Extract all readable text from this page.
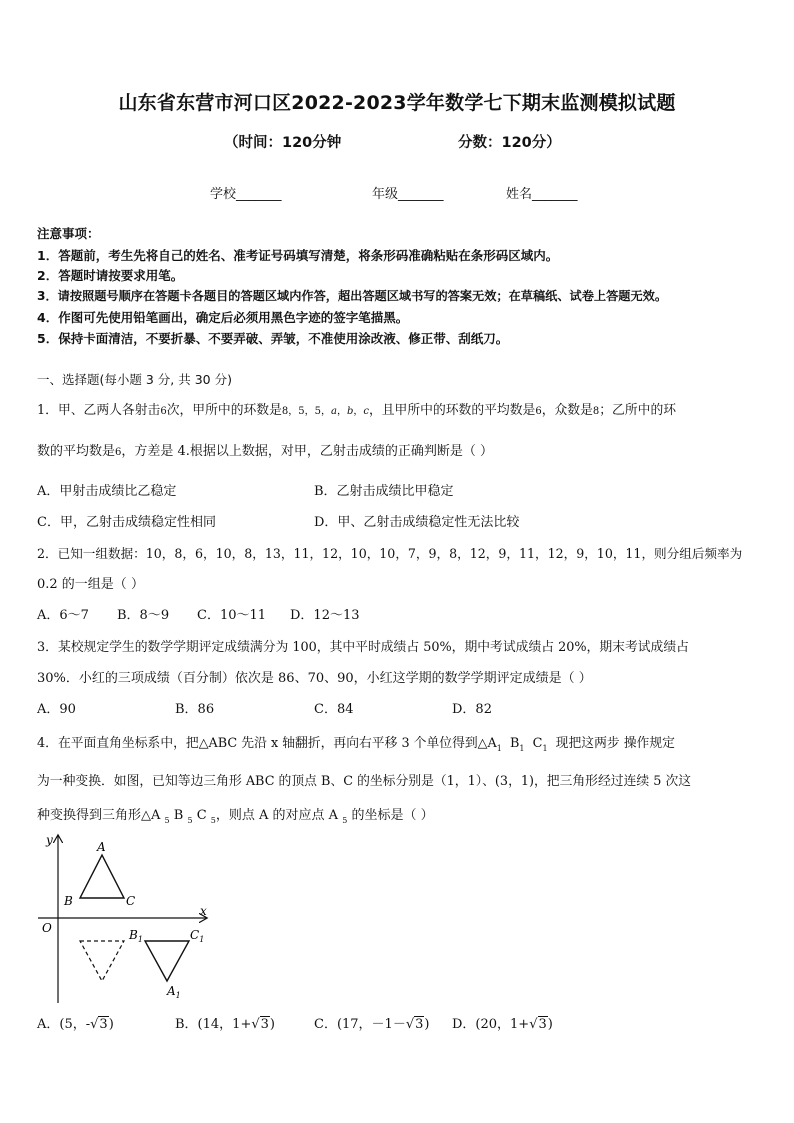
山东省东营市河口区2022-2023学年数学七下期末监测模拟试题
（时间：120分钟	分数：120分）
学校_______	年级_______	姓名_______
注意事项：
1．答题前，考生先将自己的姓名、准考证号码填写清楚，将条形码准确粘贴在条形码区域内。
2．答题时请按要求用笔。
3．请按照题号顺序在答题卡各题目的答题区域内作答，超出答题区域书写的答案无效；在草稿纸、试卷上答题无效。
4．作图可先使用铅笔画出，确定后必须用黑色字迹的签字笔描黑。
5．保持卡面清洁，不要折暴、不要弄破、弄皱，不准使用涂改液、修正带、刮纸刀。
一、选择题(每小题 3 分, 共 30 分)
1．甲、乙两人各射击6次，甲所中的环数是8，5，5，a，b，c，且甲所中的环数的平均数是6，众数是8；乙所中的环
数的平均数是6，方差是 4.根据以上数据，对甲，乙射击成绩的正确判断是（ ）
A．甲射击成绩比乙稳定	B．乙射击成绩比甲稳定
C．甲，乙射击成绩稳定性相同	D．甲、乙射击成绩稳定性无法比较
2．已知一组数据：10，8，6，10，8，13，11，12，10，10，7，9，8，12，9，11，12，9，10，11，则分组后频率为
0.2 的一组是（ ）
A．6～7 B．8～9 C．10～11 D．12～13
3．某校规定学生的数学学期评定成绩满分为 100，其中平时成绩占 50%，期中考试成绩占 20%，期末考试成绩占
30%．小红的三项成绩（百分制）依次是 86、70、90，小红这学期的数学学期评定成绩是（ ）
A．90	B．86	C．84	D．82
4．在平面直角坐标系中，把△ABC 先沿 x 轴翻折，再向右平移 3 个单位得到$\triangle A_1$ $B_1$ $C_1$ 现把这两步 操作规定
为一种变换．如图，已知等边三角形 ABC 的顶点 B、C 的坐标分别是（1，1）、(3，1)，把三角形经过连续 5 次这
种变换得到三角形△A $_5$ B $_5$ C $_5$，则点 A 的对应点 A $_5$ 的坐标是（ ）
y
x
O
A
B	C
$B_1$	$C_1$
$A_1$
A．(5，-√3)	B．(14，1+√3)	C．(17，－1－√3) D．(20，1+√3)
